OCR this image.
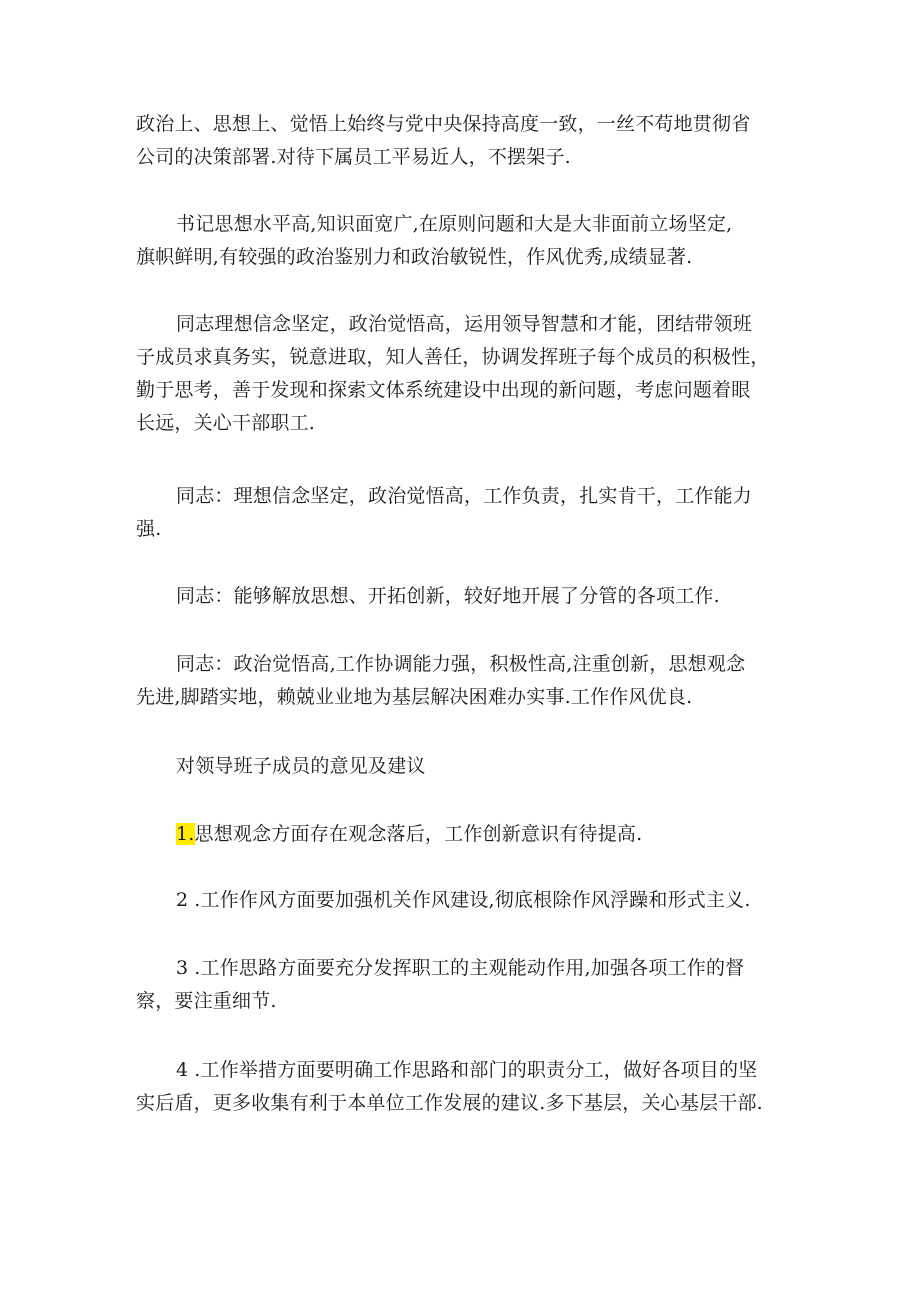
政治上、思想上、觉悟上始终与党中央保持高度一致，一丝不苟地贯彻省
公司的决策部署.对待下属员工平易近人，不摆架子.

书记思想水平高,知识面宽广,在原则问题和大是大非面前立场坚定,
旗帜鲜明,有较强的政治鉴别力和政治敏锐性，作风优秀,成绩显著.

同志理想信念坚定，政治觉悟高，运用领导智慧和才能，团结带领班
子成员求真务实，锐意进取，知人善任，协调发挥班子每个成员的积极性，
勤于思考，善于发现和探索文体系统建设中出现的新问题，考虑问题着眼
长远，关心干部职工.

同志：理想信念坚定，政治觉悟高，工作负责，扎实肯干，工作能力
强.

同志：能够解放思想、开拓创新，较好地开展了分管的各项工作.

同志：政治觉悟高,工作协调能力强，积极性高,注重创新，思想观念
先进,脚踏实地，赖兢业业地为基层解决困难办实事.工作作风优良.

对领导班子成员的意见及建议

1.思想观念方面存在观念落后，工作创新意识有待提高.

2 .工作作风方面要加强机关作风建设,彻底根除作风浮躁和形式主义.

3 .工作思路方面要充分发挥职工的主观能动作用,加强各项工作的督
察，要注重细节.

4 .工作举措方面要明确工作思路和部门的职责分工，做好各项目的坚
实后盾，更多收集有利于本单位工作发展的建议.多下基层，关心基层干部.
